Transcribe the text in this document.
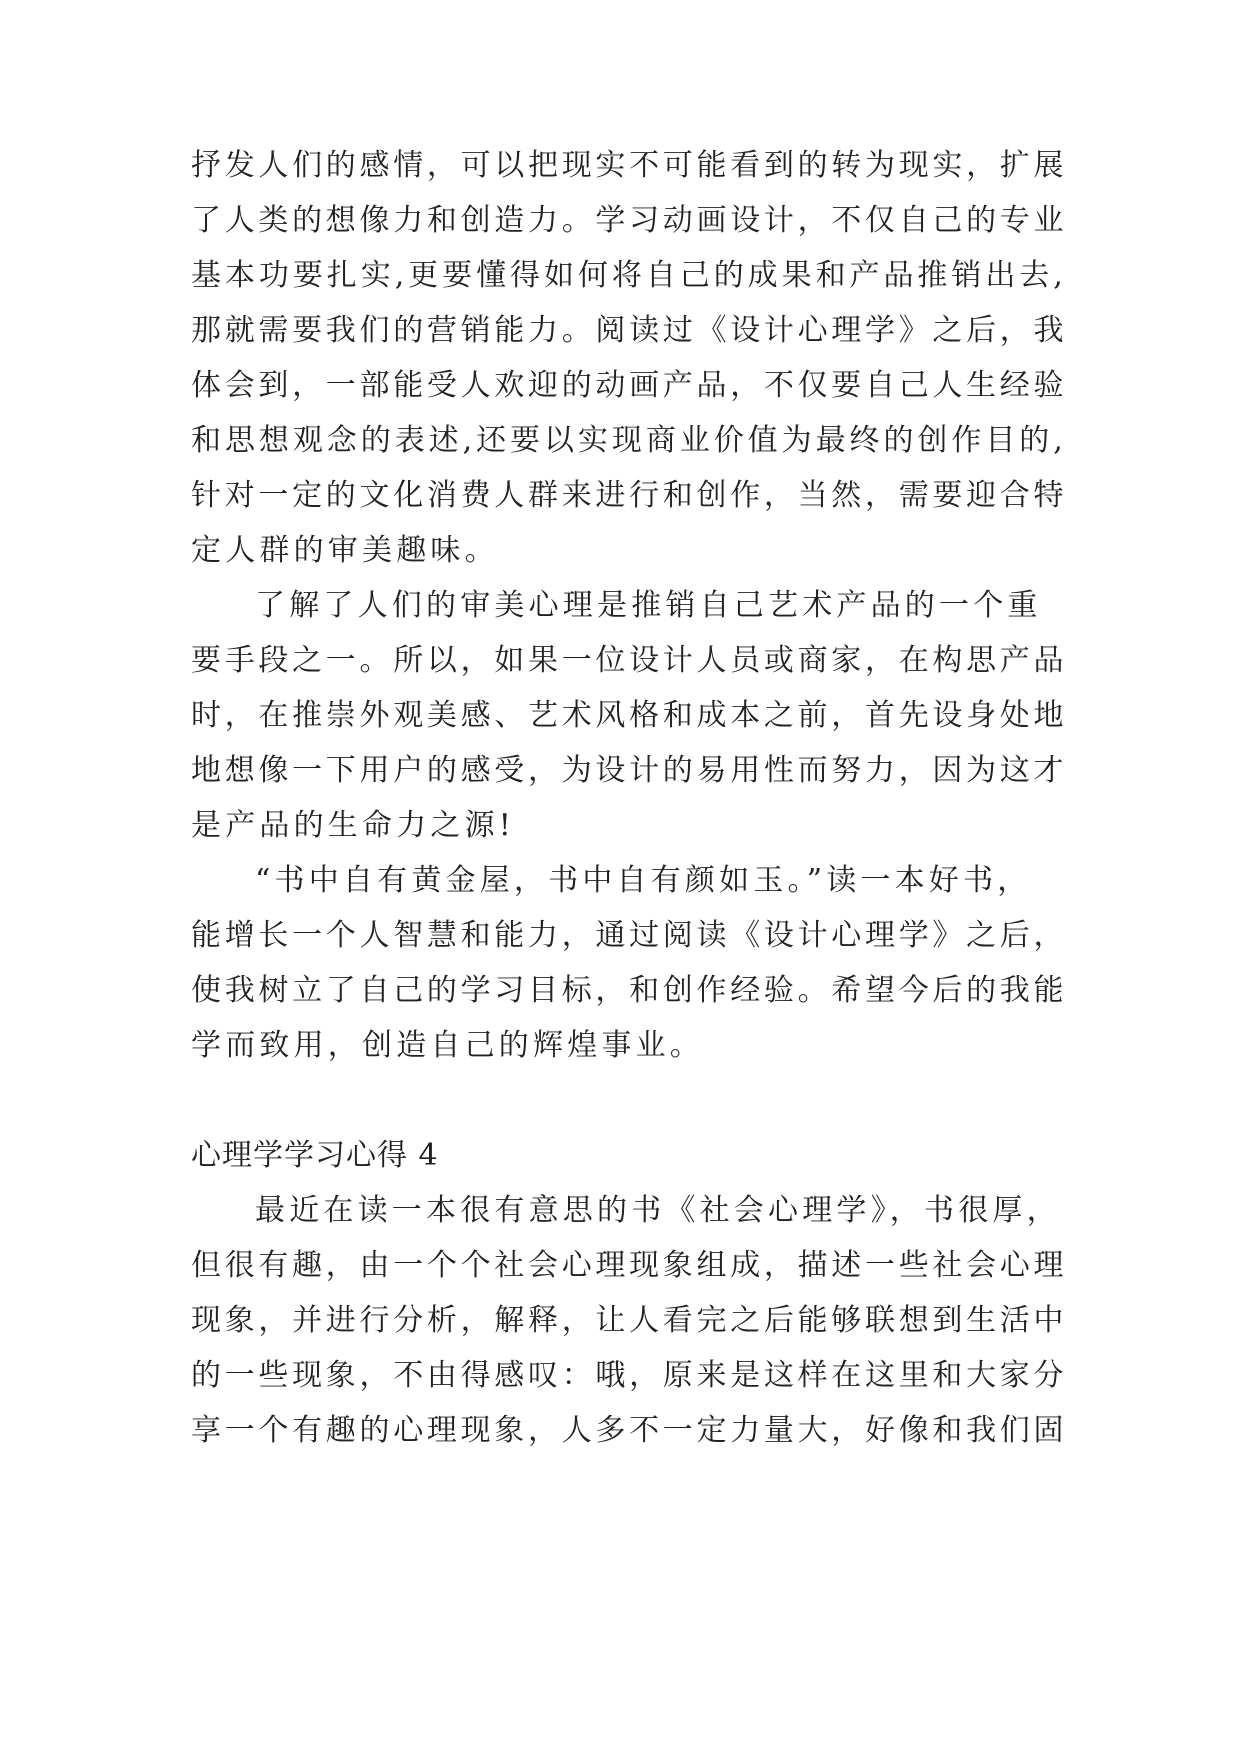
抒发人们的感情，可以把现实不可能看到的转为现实，扩展
了人类的想像力和创造力。学习动画设计，不仅自己的专业
基本功要扎实,更要懂得如何将自己的成果和产品推销出去,
那就需要我们的营销能力。阅读过《设计心理学》之后，我
体会到，一部能受人欢迎的动画产品，不仅要自己人生经验
和思想观念的表述,还要以实现商业价值为最终的创作目的,
针对一定的文化消费人群来进行和创作，当然，需要迎合特
定人群的审美趣味。
了解了人们的审美心理是推销自己艺术产品的一个重
要手段之一。所以，如果一位设计人员或商家，在构思产品
时，在推崇外观美感、艺术风格和成本之前，首先设身处地
地想像一下用户的感受，为设计的易用性而努力，因为这才
是产品的生命力之源!
“书中自有黄金屋，书中自有颜如玉。”读一本好书，
能增长一个人智慧和能力，通过阅读《设计心理学》之后，
使我树立了自己的学习目标，和创作经验。希望今后的我能
学而致用，创造自己的辉煌事业。
心理学学习心得 4
最近在读一本很有意思的书《社会心理学》，书很厚，
但很有趣，由一个个社会心理现象组成，描述一些社会心理
现象，并进行分析，解释，让人看完之后能够联想到生活中
的一些现象，不由得感叹：哦，原来是这样在这里和大家分
享一个有趣的心理现象，人多不一定力量大，好像和我们固
